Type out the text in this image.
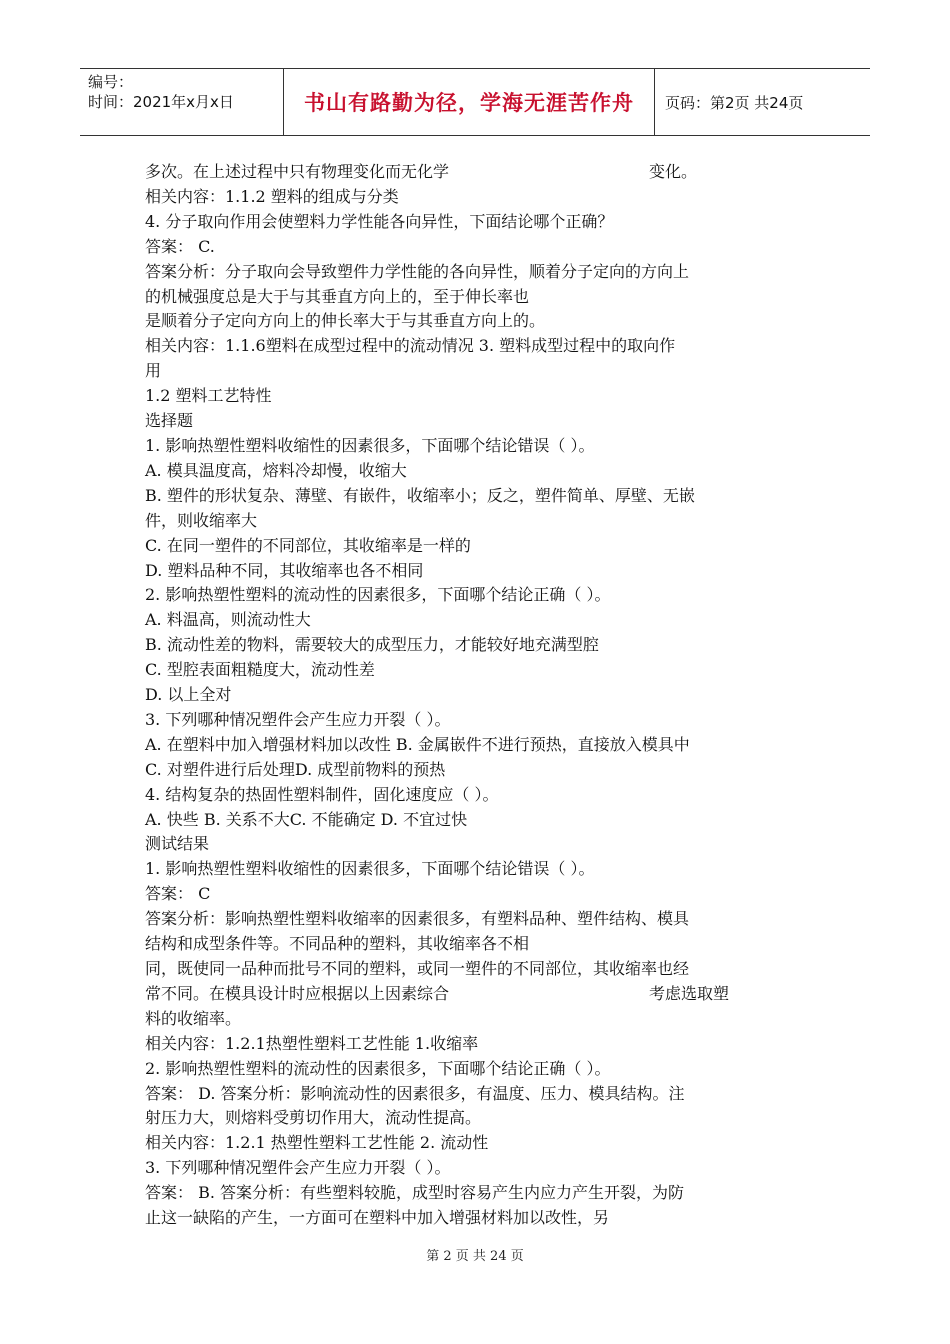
编号：
时间：2021年x月x日	书山有路勤为径，学海无涯苦作舟 页码：第2页 共24页
多次。在上述过程中只有物理变化而无化学	变化。
相关内容：1.1.2 塑料的组成与分类
4. 分子取向作用会使塑料力学性能各向异性，下面结论哪个正确？
答案： C.
答案分析：分子取向会导致塑件力学性能的各向异性，顺着分子定向的方向上
的机械强度总是大于与其垂直方向上的，至于伸长率也
是顺着分子定向方向上的伸长率大于与其垂直方向上的。
相关内容：1.1.6塑料在成型过程中的流动情况 3. 塑料成型过程中的取向作
用
1.2 塑料工艺特性
选择题
1. 影响热塑性塑料收缩性的因素很多，下面哪个结论错误（ ）。
A. 模具温度高，熔料冷却慢，收缩大
B. 塑件的形状复杂、薄壁、有嵌件，收缩率小；反之，塑件简单、厚壁、无嵌
件，则收缩率大
C. 在同一塑件的不同部位，其收缩率是一样的
D. 塑料品种不同，其收缩率也各不相同
2. 影响热塑性塑料的流动性的因素很多，下面哪个结论正确（ ）。
A. 料温高，则流动性大
B. 流动性差的物料，需要较大的成型压力，才能较好地充满型腔
C. 型腔表面粗糙度大，流动性差
D. 以上全对
3. 下列哪种情况塑件会产生应力开裂（ ）。
A. 在塑料中加入增强材料加以改性 B. 金属嵌件不进行预热，直接放入模具中
C. 对塑件进行后处理D. 成型前物料的预热
4. 结构复杂的热固性塑料制件，固化速度应（ ）。
A. 快些 B. 关系不大C. 不能确定 D. 不宜过快
测试结果
1. 影响热塑性塑料收缩性的因素很多，下面哪个结论错误（ ）。
答案： C
答案分析：影响热塑性塑料收缩率的因素很多，有塑料品种、塑件结构、模具
结构和成型条件等。不同品种的塑料，其收缩率各不相
同，既使同一品种而批号不同的塑料，或同一塑件的不同部位，其收缩率也经
常不同。在模具设计时应根据以上因素综合	考虑选取塑
料的收缩率。
相关内容：1.2.1热塑性塑料工艺性能 1.收缩率
2. 影响热塑性塑料的流动性的因素很多，下面哪个结论正确（ ）。
答案： D. 答案分析：影响流动性的因素很多，有温度、压力、模具结构。注
射压力大，则熔料受剪切作用大，流动性提高。
相关内容：1.2.1 热塑性塑料工艺性能 2. 流动性
3. 下列哪种情况塑件会产生应力开裂（ ）。
答案： B. 答案分析：有些塑料较脆，成型时容易产生内应力产生开裂，为防
止这一缺陷的产生，一方面可在塑料中加入增强材料加以改性，另
第 2 页 共 24 页
